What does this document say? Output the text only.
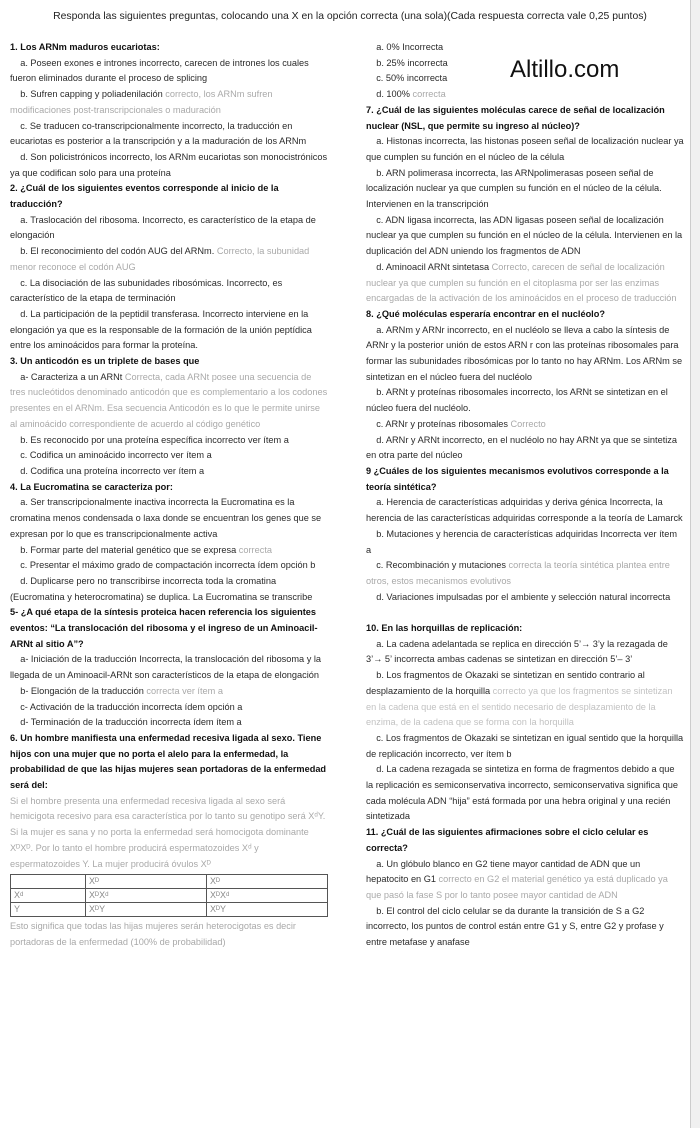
Responda las siguientes preguntas, colocando una X en la opción correcta (una sola)(Cada respuesta correcta vale 0,25 puntos)
Altillo.com

1. Los ARNm maduros eucariotas:

a. Poseen exones e intrones incorrecto, carecen de intrones los cuales fueron eliminados durante el proceso de splicing

b. Sufren capping y poliadenilación correcto, los ARNm sufren modificaciones post-transcripcionales o maduración

c. Se traducen co-transcripcionalmente incorrecto, la traducción en eucariotas es posterior a la transcripción y a la maduración de los ARNm

d. Son policistrónicos incorrecto, los ARNm eucariotas son monocistrónicos ya que codifican solo para una proteína

2. ¿Cuál de los siguientes eventos corresponde al inicio de la traducción?

a. Traslocación del ribosoma. Incorrecto, es característico de la etapa de elongación

b. El reconocimiento del codón AUG del ARNm. Correcto, la subunidad menor reconoce el codón AUG

c. La disociación de las subunidades ribosómicas. Incorrecto, es característico de la etapa de terminación

d. La participación de la peptidil transferasa. Incorrecto interviene en la elongación ya que es la responsable de la formación de la unión peptídica entre los aminoácidos para formar la proteína.

3. Un anticodón es un triplete de bases que

a- Caracteriza a un ARNt Correcta, cada ARNt posee una secuencia de tres nucleótidos denominado anticodón que es complementario a los codones presentes en el ARNm. Esa secuencia Anticodón es lo que le permite unirse al aminoácido correspondiente de acuerdo al código genético

b. Es reconocido por una proteína específica incorrecto ver ítem a

c. Codifica un aminoácido incorrecto ver ítem a

d. Codifica una proteína incorrecto ver ítem a

4. La Eucromatina se caracteriza por:

a. Ser transcripcionalmente inactiva incorrecta la Eucromatina es la cromatina menos condensada o laxa donde se encuentran los genes que se expresan por lo que es transcripcionalmente activa

b. Formar parte del material genético que se expresa correcta

c. Presentar el máximo grado de compactación incorrecta ídem opción b

d. Duplicarse pero no transcribirse incorrecta toda la cromatina (Eucromatina y heterocromatina) se duplica. La Eucromatina se transcribe

5- ¿A qué etapa de la síntesis proteica hacen referencia los siguientes eventos: “La translocación del ribosoma y el ingreso de un Aminoacil-ARNt al sitio A”?

a- Iniciación de la traducción Incorrecta, la translocación del ribosoma y la llegada de un Aminoacil-ARNt son característicos de la etapa de elongación

b- Elongación de la traducción correcta ver ítem a

c- Activación de la traducción incorrecta ídem opción a

d- Terminación de la traducción incorrecta ídem ítem a

6. Un hombre manifiesta una enfermedad recesiva ligada al sexo. Tiene hijos con una mujer que no porta el alelo para la enfermedad, la probabilidad de que las hijas mujeres sean portadoras de la enfermedad será del:

Si el hombre presenta una enfermedad recesiva ligada al sexo será hemicigota recesivo para esa característica por lo tanto su genotipo será XᵈY. Si la mujer es sana y no porta la enfermedad será homocigota dominante XᴰXᴰ. Por lo tanto el hombre producirá espermatozoides Xᵈ y espermatozoides Y. La mujer producirá óvulos Xᴰ

	Xᴰ	Xᴰ
Xᵈ	XᴰXᵈ	XᴰXᵈ
Y	XᴰY	XᴰY

Esto significa que todas las hijas mujeres serán heterocigotas es decir portadoras de la enfermedad (100% de probabilidad)

a. 0% Incorrecta

b. 25% incorrecta

c. 50% incorrecta

d. 100% correcta

7. ¿Cuál de las siguientes moléculas carece de señal de localización nuclear (NSL, que permite su ingreso al núcleo)?

a. Histonas incorrecta, las histonas poseen señal de localización nuclear ya que cumplen su función en el núcleo de la célula

b. ARN polimerasa incorrecta, las ARNpolimerasas poseen señal de localización nuclear ya que cumplen su función en el núcleo de la célula. Intervienen en la transcripción

c. ADN ligasa incorrecta, las ADN ligasas poseen señal de localización nuclear ya que cumplen su función en el núcleo de la célula. Intervienen en la duplicación del ADN uniendo los fragmentos de ADN

d. Aminoacil ARNt sintetasa Correcto, carecen de señal de localización nuclear ya que cumplen su función en el citoplasma por ser las enzimas encargadas de la activación de los aminoácidos en el proceso de traducción

8. ¿Qué moléculas esperaría encontrar en el nucléolo?

a. ARNm y ARNr incorrecto, en el nucléolo se lleva a cabo la síntesis de ARNr y la posterior unión de estos ARN r con las proteínas ribosomales para formar las subunidades ribosómicas por lo tanto no hay ARNm. Los ARNm se sintetizan en el núcleo fuera del nucléolo

b. ARNt y proteínas ribosomales incorrecto, los ARNt se sintetizan en el núcleo fuera del nucléolo.

c. ARNr y proteínas ribosomales Correcto

d. ARNr y ARNt incorrecto, en el nucléolo no hay ARNt ya que se sintetiza en otra parte del núcleo

9 ¿Cuáles de los siguientes mecanismos evolutivos corresponde a la teoría sintética?

a. Herencia de características adquiridas y deriva génica Incorrecta, la herencia de las características adquiridas corresponde a la teoría de Lamarck

b. Mutaciones y herencia de características adquiridas Incorrecta ver ítem a

c. Recombinación y mutaciones correcta la teoría sintética plantea entre otros, estos mecanismos evolutivos

d. Variaciones impulsadas por el ambiente y selección natural incorrecta

10. En las horquillas de replicación:

a. La cadena adelantada se replica en dirección 5’→ 3’y la rezagada de 3’→ 5’ incorrecta ambas cadenas se sintetizan en dirección 5’– 3’

b. Los fragmentos de Okazaki se sintetizan en sentido contrario al desplazamiento de la horquilla correcto ya que los fragmentos se sintetizan en la cadena que está en el sentido necesario de desplazamiento de la enzima, de la cadena que se forma con la horquilla

c. Los fragmentos de Okazaki se sintetizan en igual sentido que la horquilla de replicación incorrecto, ver ítem b

d. La cadena rezagada se sintetiza en forma de fragmentos debido a que la replicación es semiconservativa incorrecto, semiconservativa significa que cada molécula ADN “hija” está formada por una hebra original y una recién sintetizada

11. ¿Cuál de las siguientes afirmaciones sobre el ciclo celular es correcta?

a. Un glóbulo blanco en G2 tiene mayor cantidad de ADN que un hepatocito en G1 correcto en G2 el material genético ya está duplicado ya que pasó la fase S por lo tanto posee mayor cantidad de ADN

b. El control del ciclo celular se da durante la transición de S a G2 incorrecto, los puntos de control están entre G1 y S, entre G2 y profase y entre metafase y anafase
